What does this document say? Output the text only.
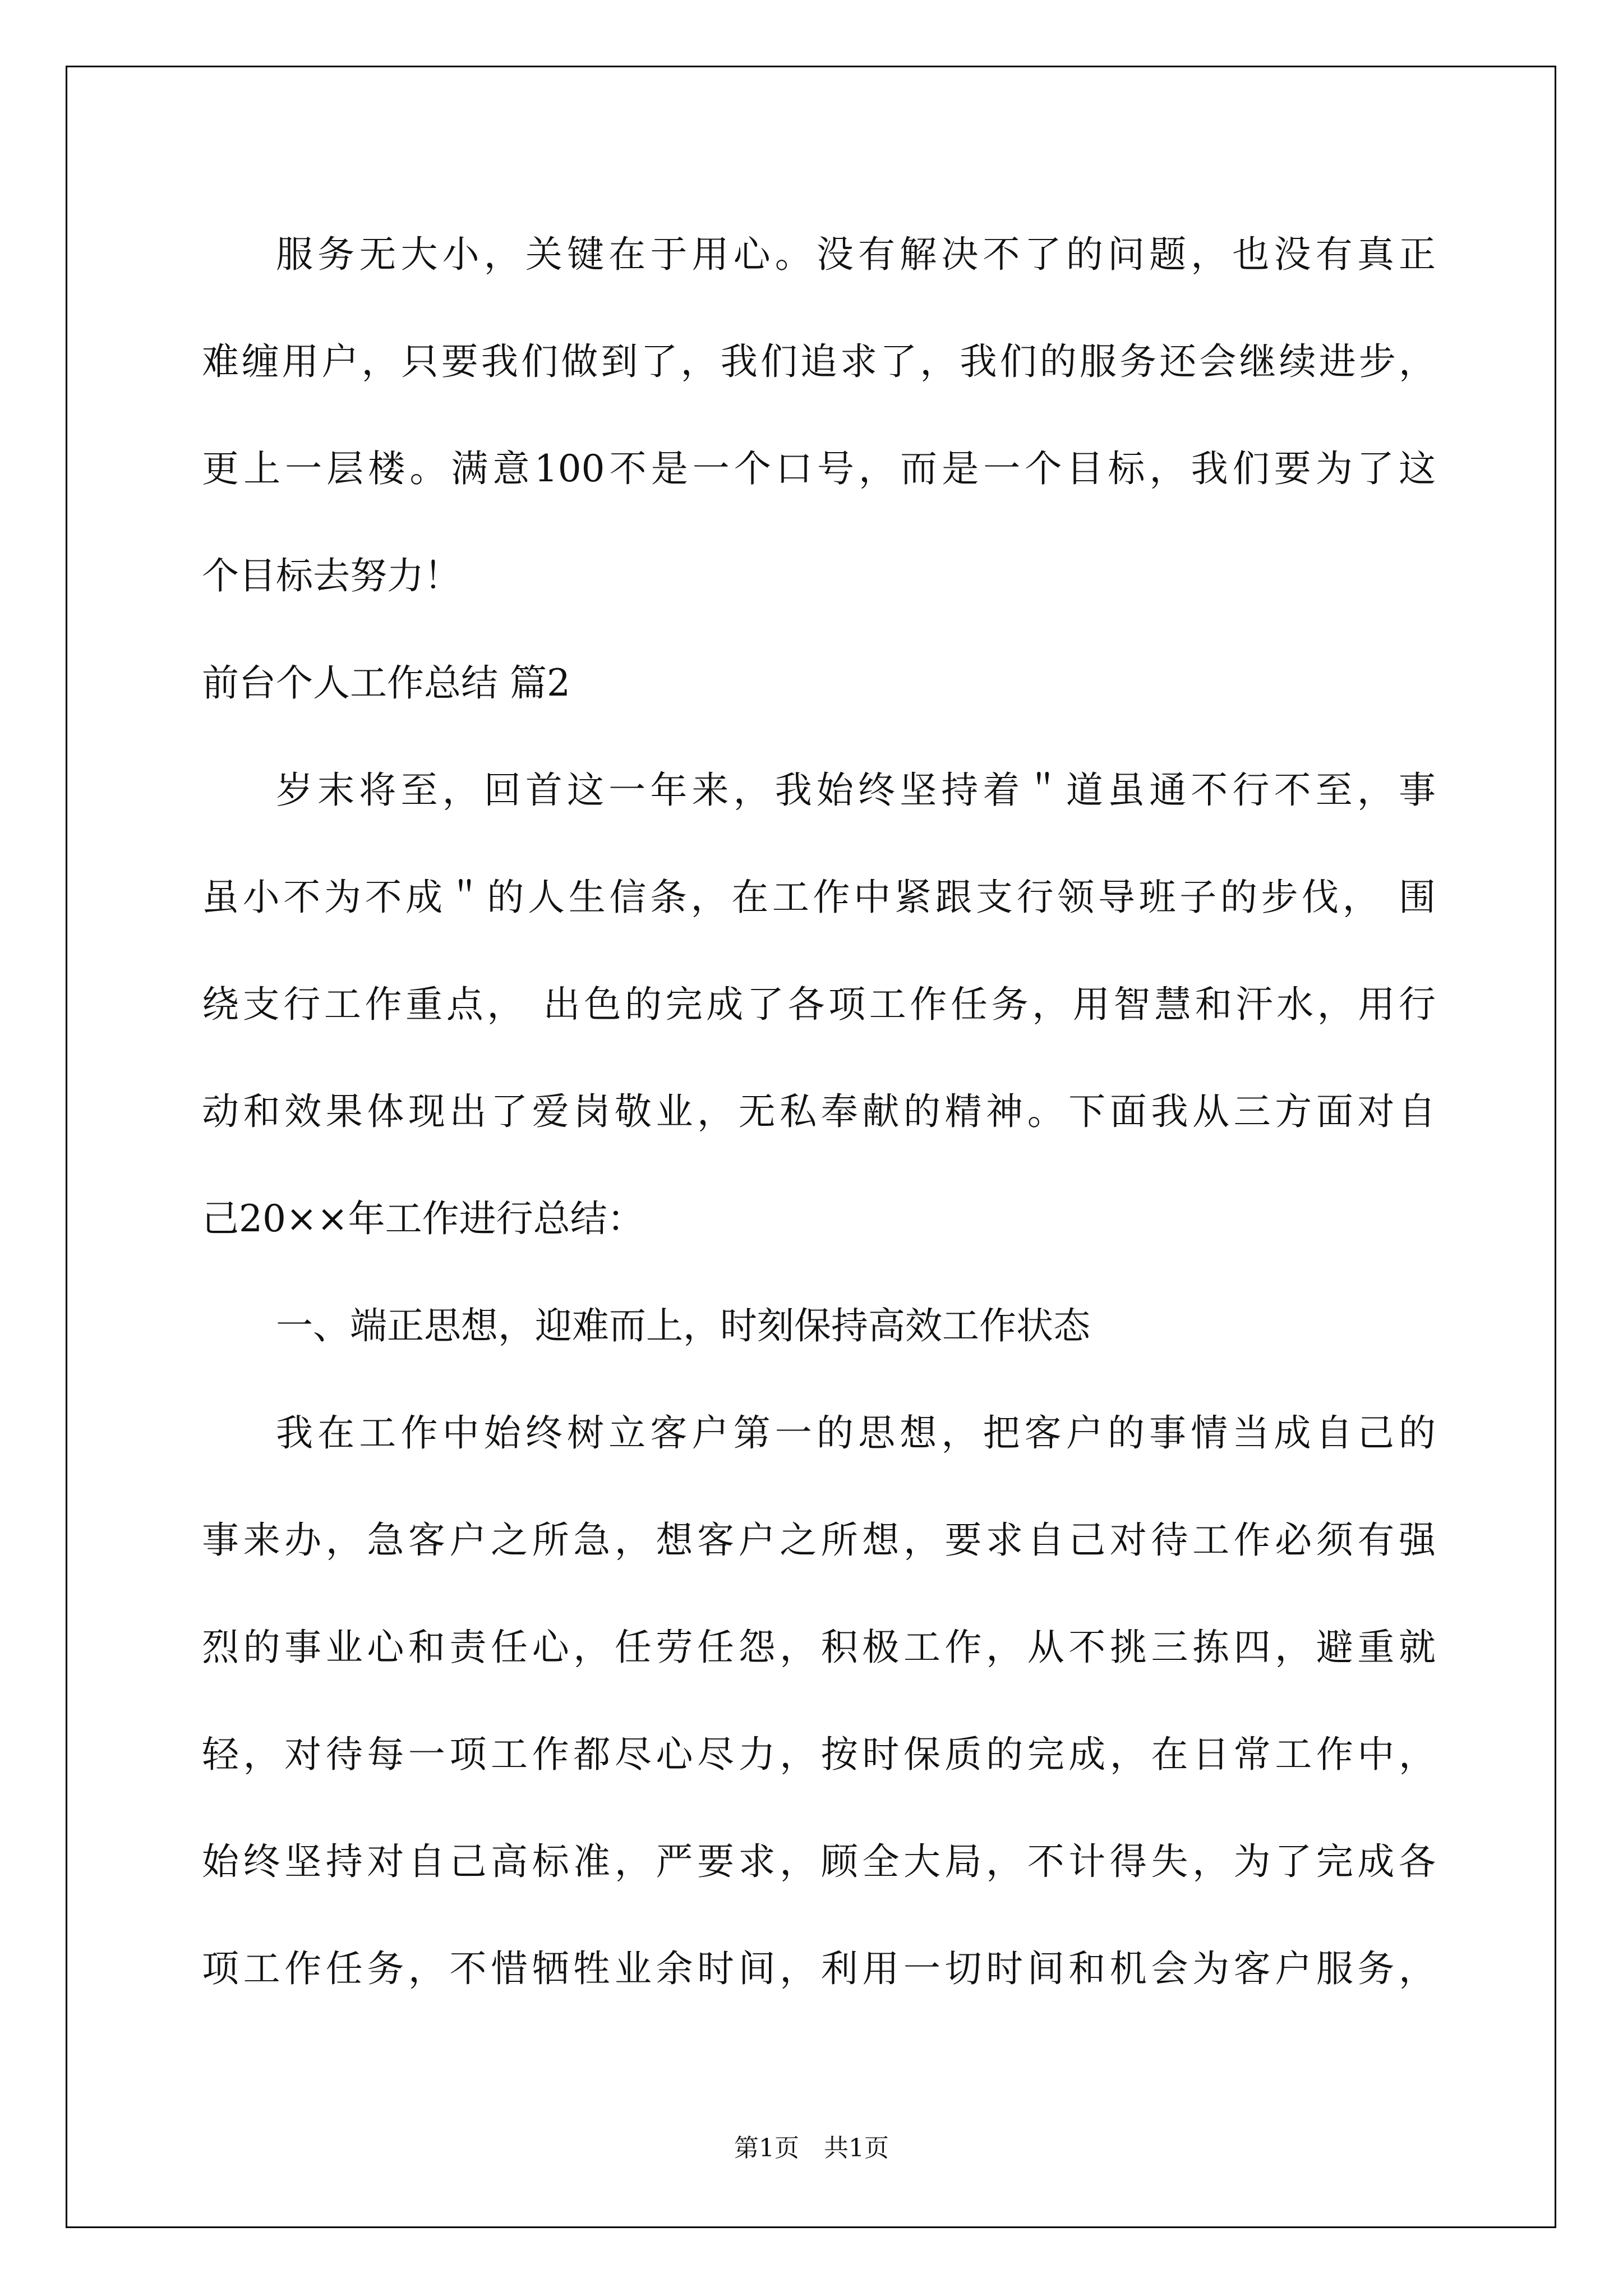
服务无大小，关键在于用心。没有解决不了的问题，也没有真正
难缠用户，只要我们做到了，我们追求了，我们的服务还会继续进步，
更上一层楼。满意100不是一个口号，而是一个目标，我们要为了这
个目标去努力！
前台个人工作总结 篇2
岁末将至，回首这一年来，我始终坚持着＂道虽通不行不至，事
虽小不为不成＂的人生信条，在工作中紧跟支行领导班子的步伐， 围
绕支行工作重点， 出色的完成了各项工作任务，用智慧和汗水，用行
动和效果体现出了爱岗敬业，无私奉献的精神。下面我从三方面对自
己20××年工作进行总结：
一、端正思想，迎难而上，时刻保持高效工作状态
我在工作中始终树立客户第一的思想，把客户的事情当成自己的
事来办，急客户之所急，想客户之所想，要求自己对待工作必须有强
烈的事业心和责任心，任劳任怨，积极工作，从不挑三拣四，避重就
轻，对待每一项工作都尽心尽力，按时保质的完成，在日常工作中，
始终坚持对自己高标准，严要求，顾全大局，不计得失，为了完成各
项工作任务，不惜牺牲业余时间，利用一切时间和机会为客户服务，
第1页　共1页
